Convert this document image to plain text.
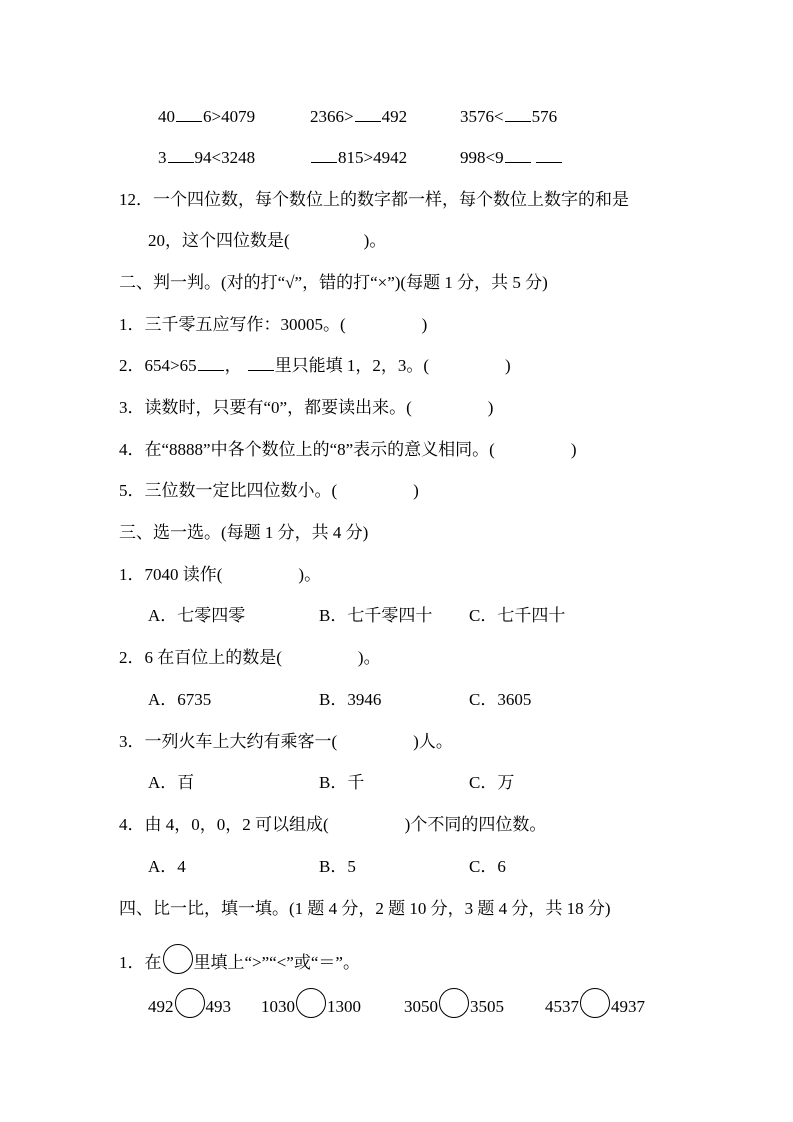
40 6>4079	2366> 492	3576< 576
3 94<3248	815>4942	998<9
12．一个四位数，每个数位上的数字都一样，每个数位上数字的和是
20，这个四位数是(	)。
二、判一判。(对的打“√”，错的打“×”)(每题 1 分，共 5 分)
1．三千零五应写作：30005。(	)
2．654>65 ， 里只能填 1，2，3。(	)
3．读数时，只要有“0”，都要读出来。(	)
4．在“8888”中各个数位上的“8”表示的意义相同。(	)
5．三位数一定比四位数小。(	)
三、选一选。(每题 1 分，共 4 分)
1．7040 读作(	)。
A．七零四零	B．七千零四十 C．七千四十
2．6 在百位上的数是(	)。
A．6735	B．3946	C．3605
3．一列火车上大约有乘客一(	)人。
A．百	B．千	C．万
4．由 4，0，0，2 可以组成(	)个不同的四位数。
A．4	B．5	C．6
四、比一比，填一填。(1 题 4 分，2 题 10 分，3 题 4 分，共 18 分)
1．在 里填上“>”“<”或“＝”。
492 493 1030 1300	3050 3505 4537 4937
